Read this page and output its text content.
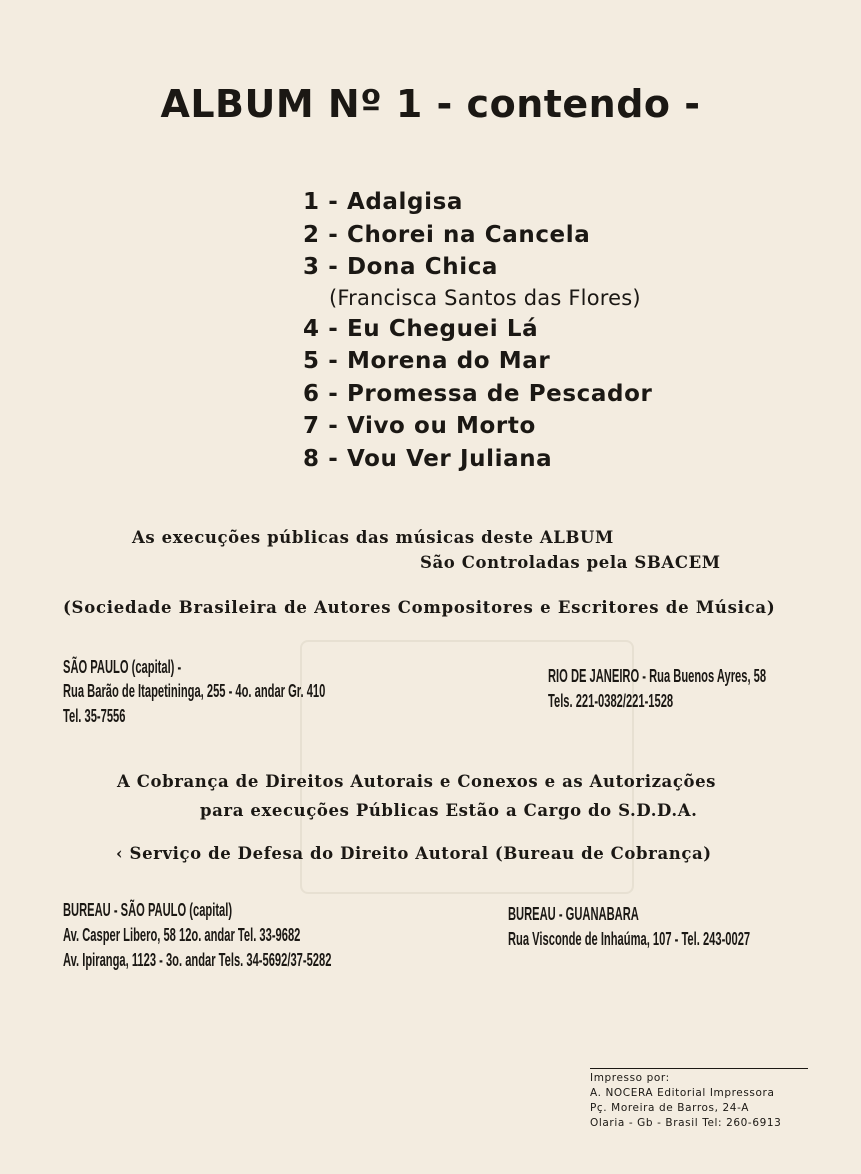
ALBUM Nº 1 - contendo -
1 - Adalgisa
2 - Chorei na Cancela
3 - Dona Chica
(Francisca Santos das Flores)
4 - Eu Cheguei Lá
5 - Morena do Mar
6 - Promessa de Pescador
7 - Vivo ou Morto
8 - Vou Ver Juliana
As execuções públicas das músicas deste ALBUM
São Controladas pela SBACEM
(Sociedade Brasileira de Autores Compositores e Escritores de Música)
SÃO PAULO (capital) -
Rua Barão de Itapetininga, 255 - 4o. andar Gr. 410
Tel. 35-7556
RIO DE JANEIRO - Rua Buenos Ayres, 58
Tels. 221-0382/221-1528
A Cobrança de Direitos Autorais e Conexos e as Autorizações
para execuções Públicas Estão a Cargo do S.D.D.A.
‹ Serviço de Defesa do Direito Autoral (Bureau de Cobrança)
BUREAU - SÃO PAULO (capital)
Av. Casper Libero, 58 12o. andar Tel. 33-9682
Av. Ipiranga, 1123 - 3o. andar Tels. 34-5692/37-5282
BUREAU - GUANABARA
Rua Visconde de Inhaúma, 107 - Tel. 243-0027
Impresso por:
A. NOCERA Editorial Impressora
Pç. Moreira de Barros, 24-A
Olaria - Gb - Brasil Tel: 260-6913
